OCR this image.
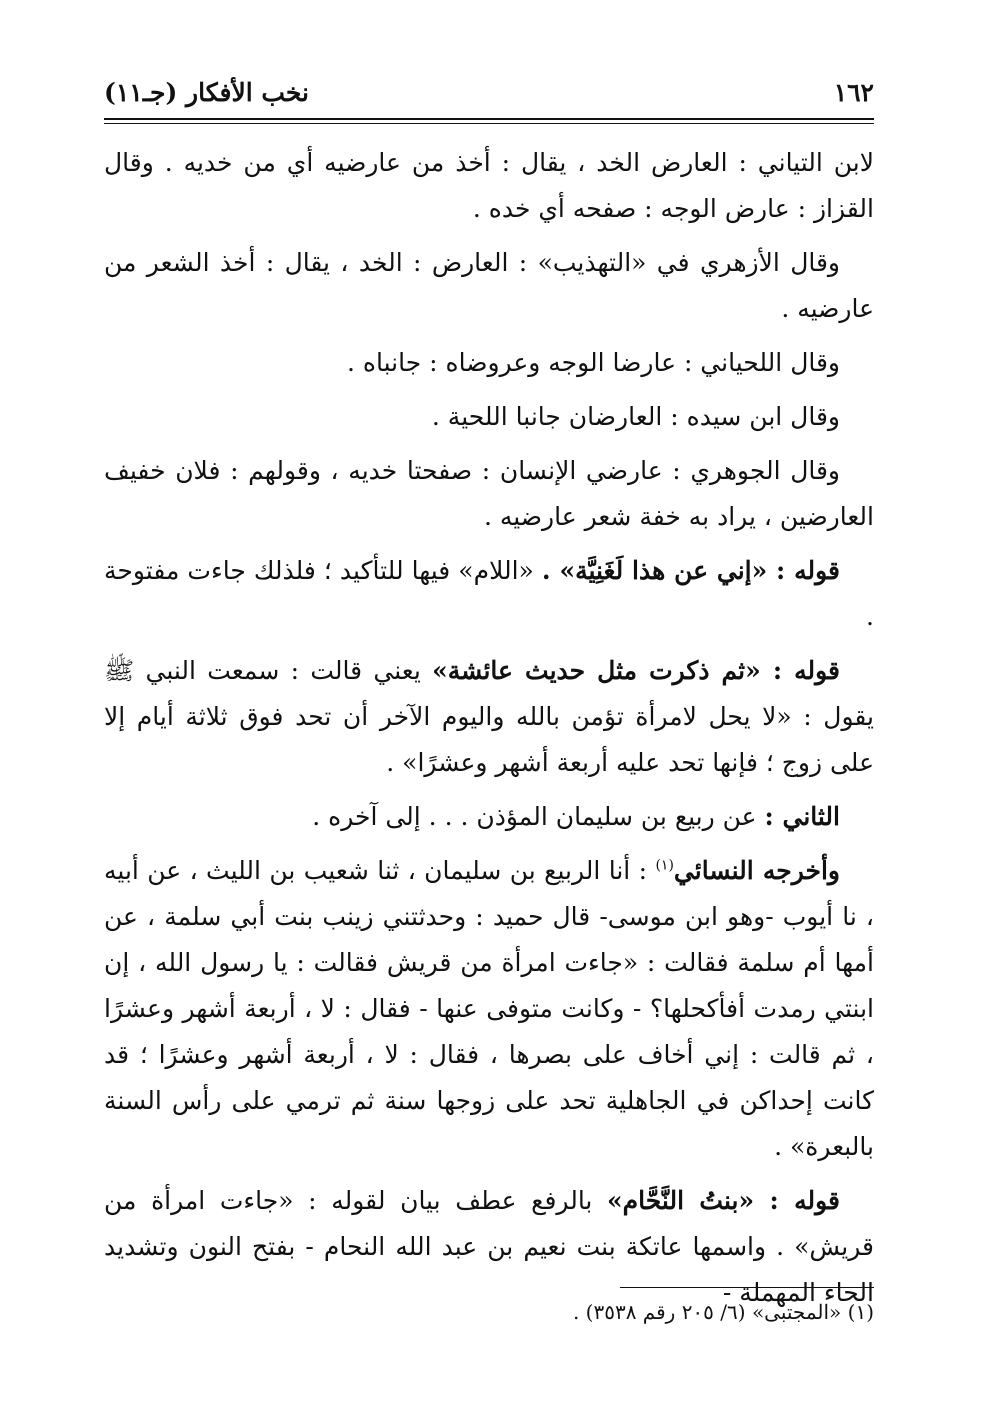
١٦٢
نخب الأفكار (جـ١١)

لابن التياني : العارض الخد ، يقال : أخذ من عارضيه أي من خديه . وقال القزاز : عارض الوجه : صفحه أي خده .

وقال الأزهري في «التهذيب» : العارض : الخد ، يقال : أخذ الشعر من عارضيه .

وقال اللحياني : عارضا الوجه وعروضاه : جانباه .

وقال ابن سيده : العارضان جانبا اللحية .

وقال الجوهري : عارضي الإنسان : صفحتا خديه ، وقولهم : فلان خفيف العارضين ، يراد به خفة شعر عارضيه .

قوله : «إني عن هذا لَغَنِيَّة» . «اللام» فيها للتأكيد ؛ فلذلك جاءت مفتوحة .

قوله : «ثم ذكرت مثل حديث عائشة» يعني قالت : سمعت النبي ﷺ يقول : «لا يحل لامرأة تؤمن بالله واليوم الآخر أن تحد فوق ثلاثة أيام إلا على زوج ؛ فإنها تحد عليه أربعة أشهر وعشرًا» .

الثاني : عن ربيع بن سليمان المؤذن . . . إلى آخره .

وأخرجه النسائي$^{(١)}$ : أنا الربيع بن سليمان ، ثنا شعيب بن الليث ، عن أبيه ، نا أيوب -وهو ابن موسى- قال حميد : وحدثتني زينب بنت أبي سلمة ، عن أمها أم سلمة فقالت : «جاءت امرأة من قريش فقالت : يا رسول الله ، إن ابنتي رمدت أفأكحلها؟ - وكانت متوفى عنها - فقال : لا ، أربعة أشهر وعشرًا ، ثم قالت : إني أخاف على بصرها ، فقال : لا ، أربعة أشهر وعشرًا ؛ قد كانت إحداكن في الجاهلية تحد على زوجها سنة ثم ترمي على رأس السنة بالبعرة» .

قوله : «بنتُ النَّحَّام» بالرفع عطف بيان لقوله : «جاءت امرأة من قريش» . واسمها عاتكة بنت نعيم بن عبد الله النحام - بفتح النون وتشديد الحاء المهملة -

(١) «المجتبى» (٦/ ٢٠٥ رقم ٣٥٣٨) .
